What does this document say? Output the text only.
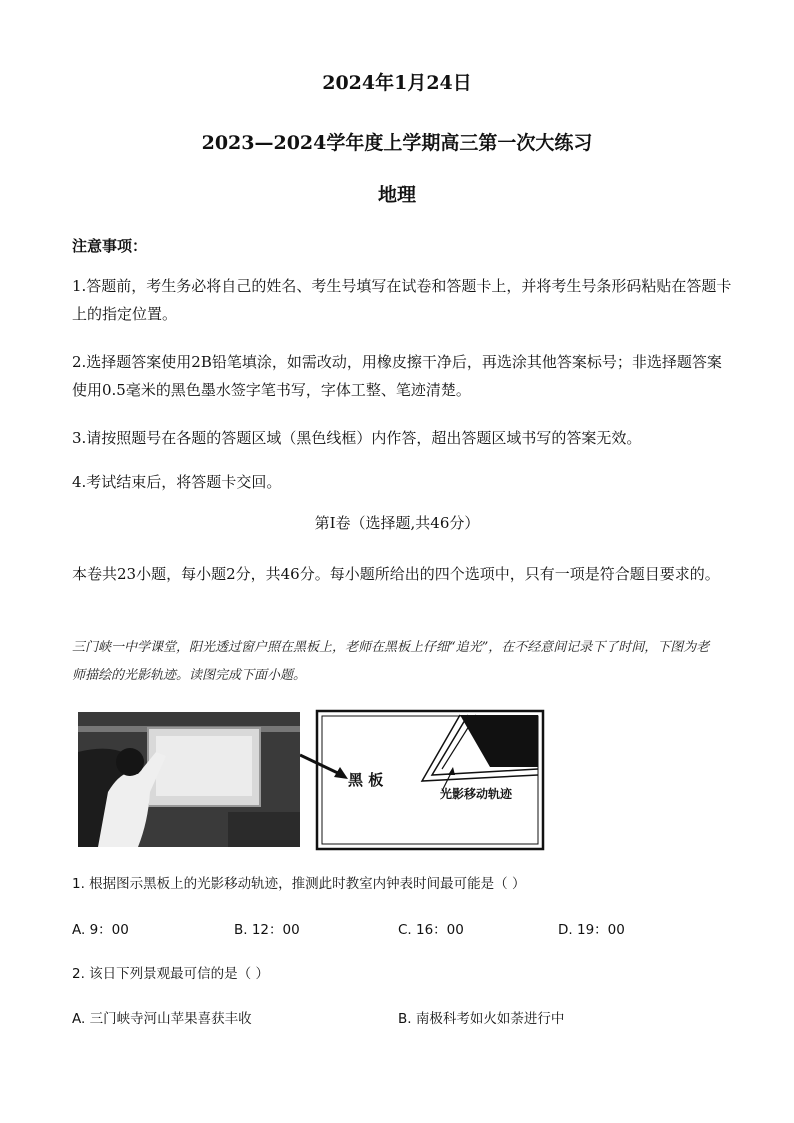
2024年1月24日
2023—2024学年度上学期高三第一次大练习
地理
注意事项：
1.答题前，考生务必将自己的姓名、考生号填写在试卷和答题卡上，并将考生号条形码粘贴在答题卡上的指定位置。
2.选择题答案使用2B铅笔填涂，如需改动，用橡皮擦干净后，再选涂其他答案标号；非选择题答案使用0.5毫米的黑色墨水签字笔书写，字体工整、笔迹清楚。
3.请按照题号在各题的答题区域（黑色线框）内作答，超出答题区域书写的答案无效。
4.考试结束后，将答题卡交回。
第Ⅰ卷（选择题,共46分）
本卷共23小题，每小题2分，共46分。每小题所给出的四个选项中，只有一项是符合题目要求的。
三门峡一中学课堂，阳光透过窗户照在黑板上，老师在黑板上仔细“追光”，在不经意间记录下了时间，下图为老师描绘的光影轨迹。读图完成下面小题。
黑 板
光影移动轨迹
1. 根据图示黑板上的光影移动轨迹，推测此时教室内钟表时间最可能是（ ）
A. 9：00	B. 12：00	C. 16：00	D. 19：00
2. 该日下列景观最可信的是（ ）
A. 三门峡寺河山苹果喜获丰收	B. 南极科考如火如荼进行中
